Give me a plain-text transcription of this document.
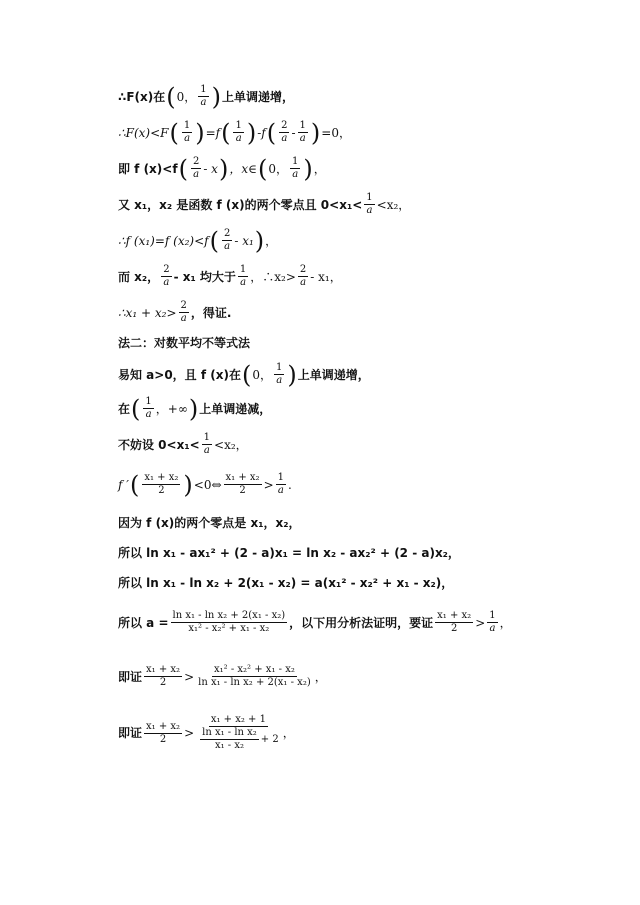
∴F(x)在 ( 0， $\frac{1}{a}$ ) 上单调递增，
∴F(x)<F ( $\frac{1}{a}$ ) =f ( $\frac{1}{a}$ ) -f ( $\frac{2}{a} - \frac{1}{a}$ ) =0，
即 f (x)<f ( $\frac{2}{a}$ - x ) ，x∈ ( 0， $\frac{1}{a}$ ) ，
又 x₁，x₂ 是函数 f (x)的两个零点且 $0<x_1< \frac{1}{a} <x_2$，
∴f (x₁)=f (x₂)<f ( $\frac{2}{a} - x_1$ ) ，
而 x₂， $\frac{2}{a} - x_1$ 均大于 $\frac{1}{a}$ ，∴x₂> $\frac{2}{a} - x_1$，
∴x₁ + $x_2> \frac{2}{a}$ ，得证.
法二：对数平均不等式法
易知 a>0，且 f (x)在 ( 0， $\frac{1}{a}$ ) 上单调递增，
在 ( $\frac{1}{a}$ ，+∞ ) 上单调递减，
不妨设 $0<x_1< \frac{1}{a} <x_2$，
f ′ ( $\frac{\text{x₁ + x₂}}{2}$ ) <0⇔ $\frac{\text{x₁ + x₂}}{2} > \frac{1}{a}$ .
因为 f (x)的两个零点是 x₁，x₂，
所以 ln x₁ - ax₁² + (2 - a)x₁ = ln x₂ - ax₂² + (2 - a)x₂，
所以 ln x₁ - ln x₂ + 2(x₁ - x₂) = a(x₁² - x₂² + x₁ - x₂)，
所以 $a = \frac{\text{ln x₁ - ln x₂ + 2(x₁ - x₂)}}{\text{x₁² - x₂² + x₁ - x₂}}$ ，以下用分析法证明，要证 $\frac{\text{x₁ + x₂}}{2} > \frac{1}{a}$ ，
即证 $\frac{\text{x₁ + x₂}}{2} > \frac{\text{x₁² - x₂² + x₁ - x₂}}{\text{ln x₁ - ln x₂ + 2(x₁ - x₂)}}$ ，
即证 $\frac{\text{x₁ + x₂}}{2} > \frac{\text{x₁ + x₂ + 1}}{\frac{\text{ln x₁ - ln x₂}}{\text{x₁ - x₂}} + 2}$ ，
